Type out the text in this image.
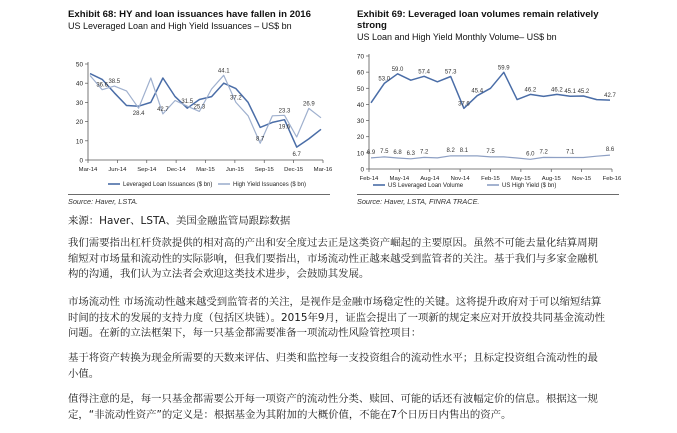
Exhibit 68: HY and loan issuances have fallen in 2016
US Leveraged Loan and High Yield Issuances – US$ bn
0
10
20
30
40
50
Mar-14 Jun-14 Sep-14 Dec-14 Mar-15 Jun-15 Sep-15 Dec-15 Mar-16
28.4
19.6
6.7
36.6
38.5
42.7
31.5
25.3
44.1
37.2
8.7
23.3
26.9
Leveraged Loan Issuances ($ bn)	High Yield Issuances ($ bn)
Source: Haver, LSTA.
Exhibit 69: Leveraged loan volumes remain relatively strong
US Loan and High Yield Monthly Volume– US$ bn
0
10
20
30
40
50
60
70
Feb-14 May-14 Aug-14 Nov-14 Feb-15 May-15 Aug-15 Nov-15 Feb-16
53.0
59.0 57.4 57.3
37.6
45.4
59.9
46.2 46.2 45.1 45.2
42.7
6.9 7.5 6.8 6.3 7.2	8.2 8.1	7.5	6.0 7.2	7.1	8.6
US Leveraged Loan Volume	US High Yield ($ bn)
Source: Haver, LSTA, FINRA TRACE.

来源：Haver、LSTA、美国金融监管局跟踪数据

我们需要指出杠杆贷款提供的相对高的产出和安全度过去正是这类资产崛起的主要原因。虽然不可能去量化结算周期缩短对市场量和流动性的实际影响，但我们要指出，市场流动性正越来越受到监管者的关注。基于我们与多家金融机构的沟通，我们认为立法者会欢迎这类技术进步，会鼓励其发展。

市场流动性 市场流动性越来越受到监管者的关注，是视作是金融市场稳定性的关键。这将提升政府对于可以缩短结算时间的技术的发展的支持力度（包括区块链）。2015年9月，证监会提出了一项新的规定来应对开放投共同基金流动性问题。在新的立法框架下，每一只基金都需要准备一项流动性风险管控项目：

基于将资产转换为现金所需要的天数来评估、归类和监控每一支投资组合的流动性水平；且标定投资组合流动性的最小值。

值得注意的是，每一只基金都需要公开每一项资产的流动性分类、赎回、可能的话还有波幅定价的信息。根据这一规定，“非流动性资产”的定义是：根据基金为其附加的大概价值，不能在7个日历日内售出的资产。
